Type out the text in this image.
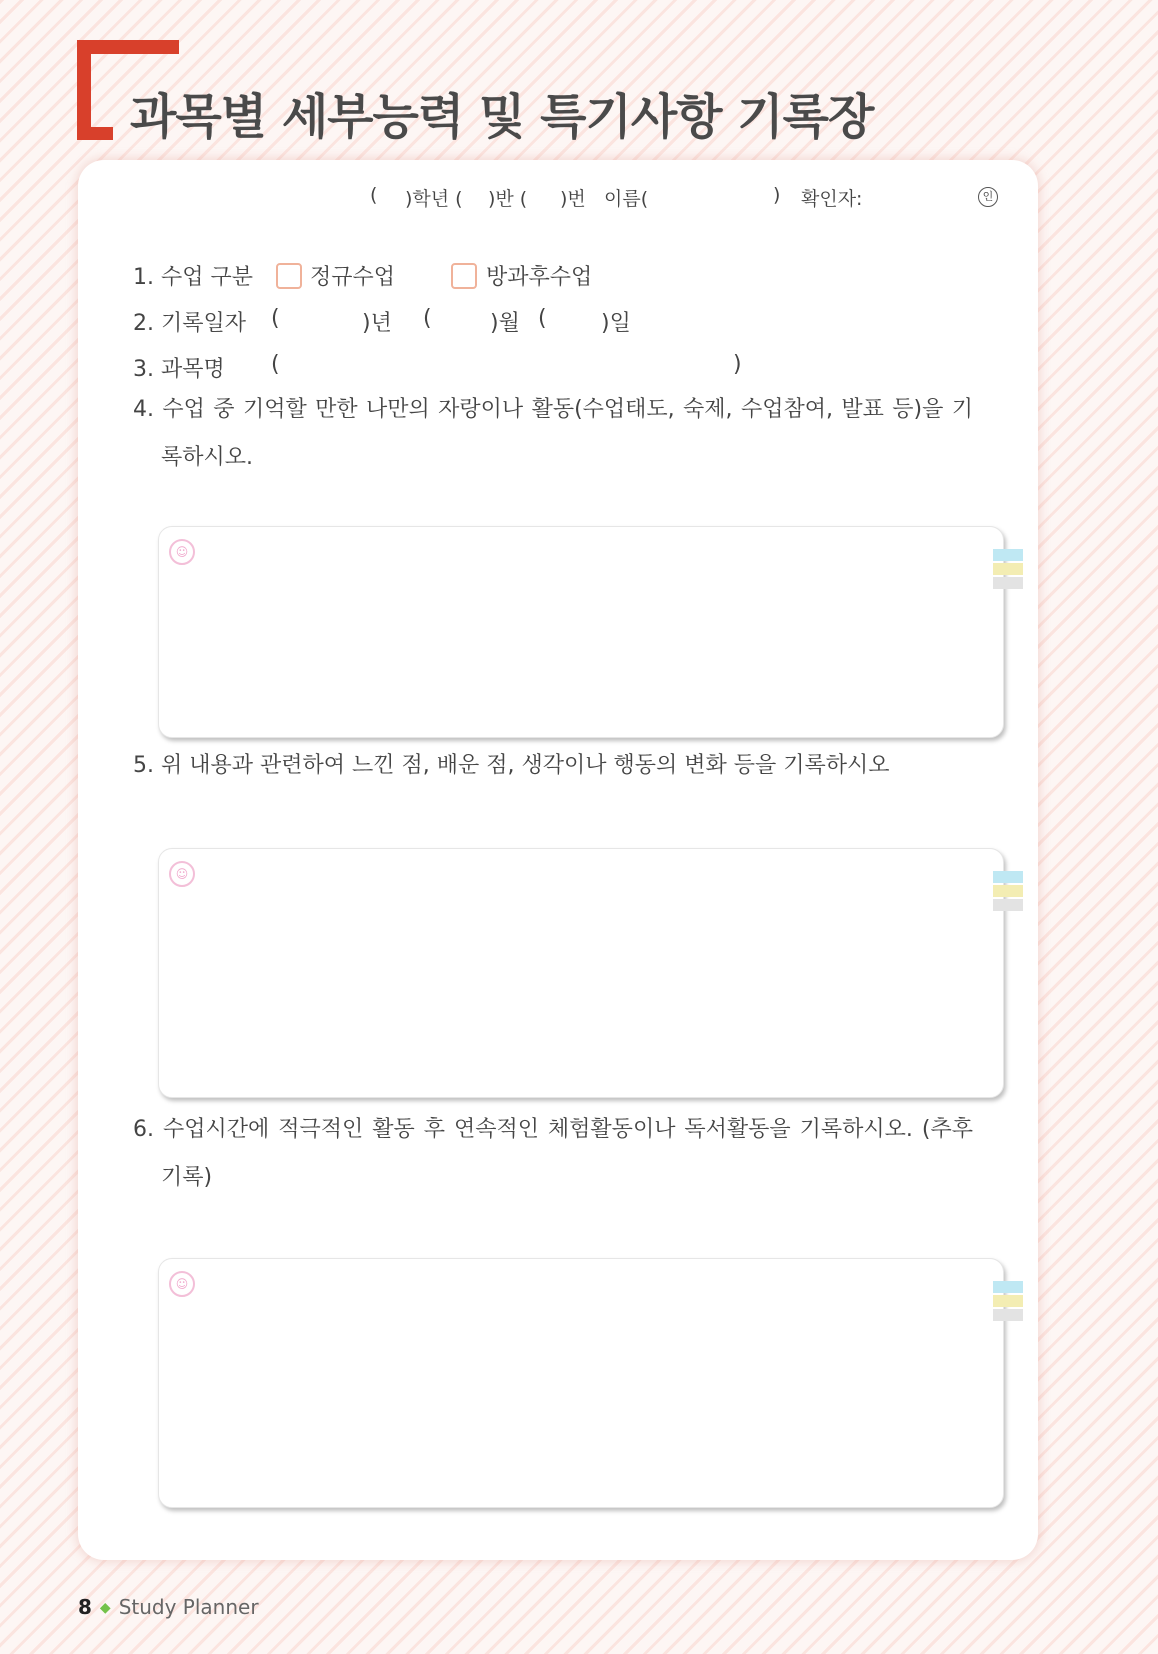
과목별 세부능력 및 특기사항 기록장
( )학년 ( )반 ( )번 이름(	) 확인자:	인
1. 수업 구분	정규수업	방과후수업
2. 기록일자 (	)년 (	)월 ( )일
3. 과목명 (	)
4. 수업 중 기억할 만한 나만의 자랑이나 활동(수업태도, 숙제, 수업참여, 발표 등)을 기록하시오.
☺
5. 위 내용과 관련하여 느낀 점, 배운 점, 생각이나 행동의 변화 등을 기록하시오
☺
6. 수업시간에 적극적인 활동 후 연속적인 체험활동이나 독서활동을 기록하시오. (추후 기록)
☺
8 ◆ Study Planner
